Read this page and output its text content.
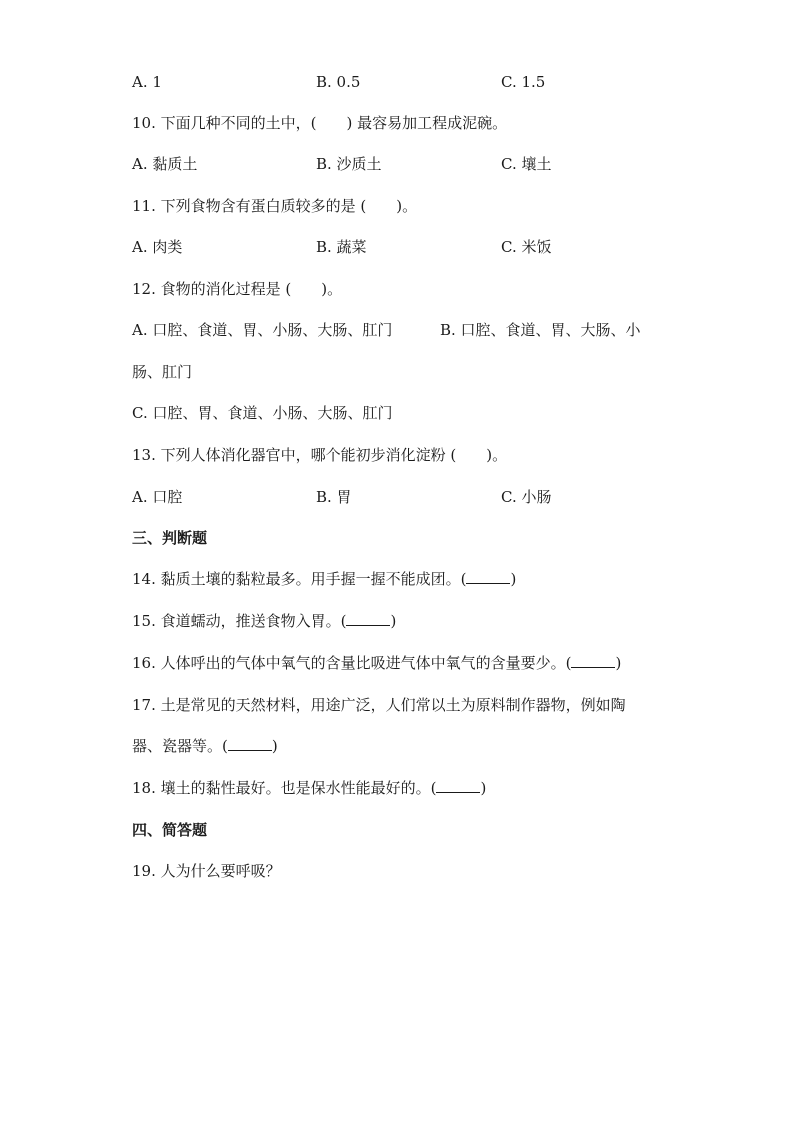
A. 1	B. 0.5	C. 1.5
10. 下面几种不同的土中，(　　) 最容易加工程成泥碗。
A. 黏质土	B. 沙质土	C. 壤土
11. 下列食物含有蛋白质较多的是 (　　)。
A. 肉类	B. 蔬菜	C. 米饭
12. 食物的消化过程是 (　　)。
A. 口腔、食道、胃、小肠、大肠、肛门	B. 口腔、食道、胃、大肠、小
肠、肛门
C. 口腔、胃、食道、小肠、大肠、肛门
13. 下列人体消化器官中，哪个能初步消化淀粉 (　　)。
A. 口腔	B. 胃	C. 小肠
三、判断题
14. 黏质土壤的黏粒最多。用手握一握不能成团。(	)
15. 食道蠕动，推送食物入胃。(	)
16. 人体呼出的气体中氧气的含量比吸进气体中氧气的含量要少。(	)
17. 土是常见的天然材料，用途广泛，人们常以土为原料制作器物，例如陶
器、瓷器等。(	)
18. 壤土的黏性最好。也是保水性能最好的。(	)
四、简答题
19. 人为什么要呼吸？
